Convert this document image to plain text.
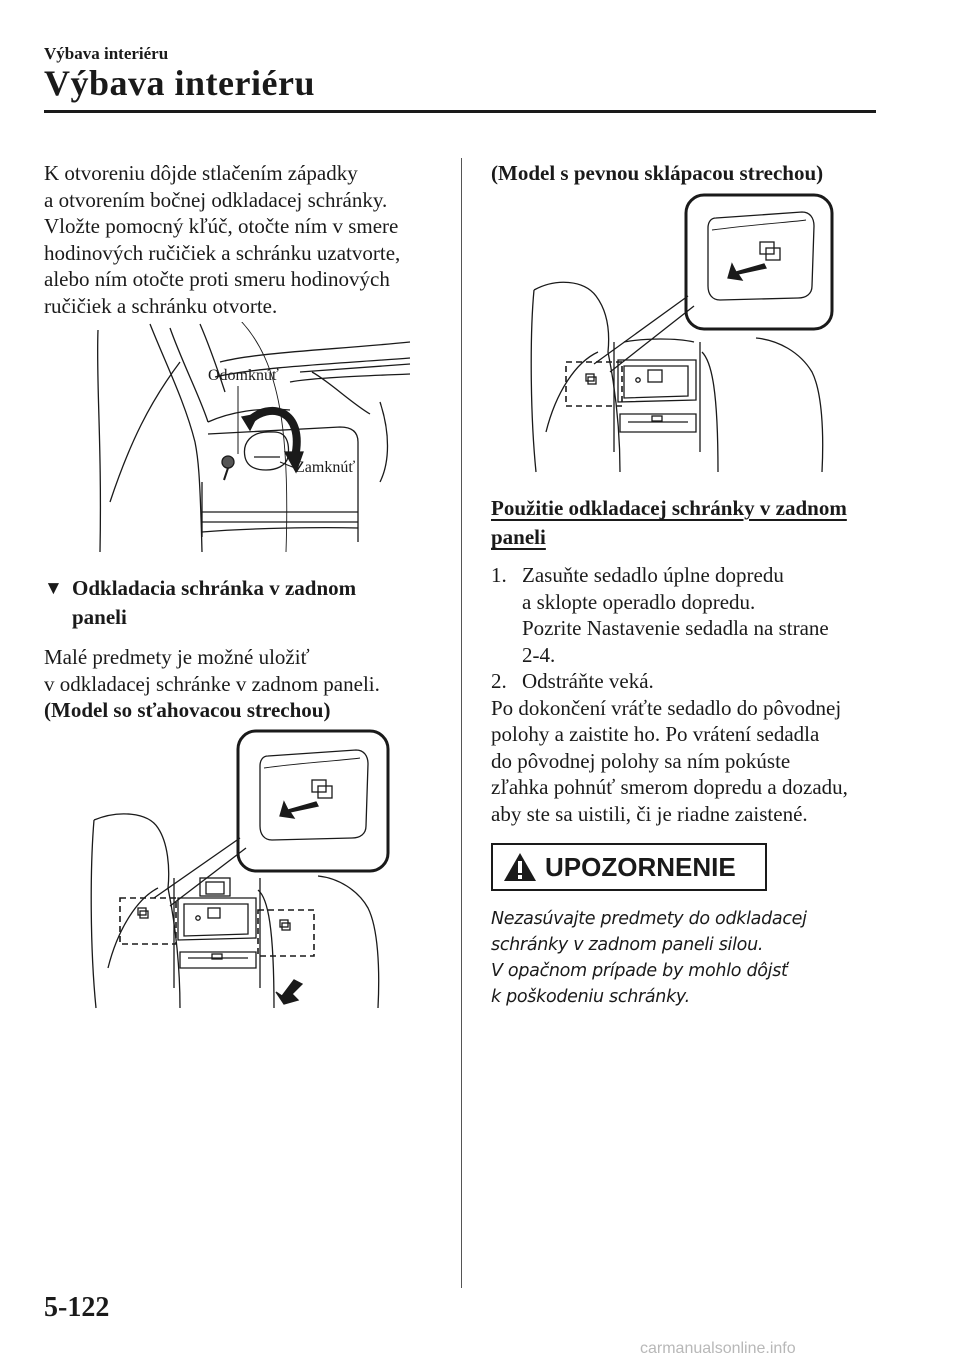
Výbava interiéru
Výbava interiéru

K otvoreniu dôjde stlačením západky

a otvorením bočnej odkladacej schránky.

Vložte pomocný kľúč, otočte ním v smere

hodinových ručičiek a schránku uzatvorte,

alebo ním otočte proti smeru hodinových

ručičiek a schránku otvorte.

Odomknúť
Zamknúť
▼ Odkladacia schránka v zadnom
paneli

Malé predmety je možné uložiť

v odkladacej schránke v zadnom paneli.

(Model so sťahovacou strechou)

(Model s pevnou sklápacou strechou)

Použitie odkladacej schránky v zadnom
paneli
1. Zasuňte sedadlo úplne dopredu
a sklopte operadlo dopredu.
Pozrite Nastavenie sedadla na strane
2-4.
2. Odstráňte veká.

Po dokončení vráťte sedadlo do pôvodnej

polohy a zaistite ho. Po vrátení sedadla

do pôvodnej polohy sa ním pokúste

zľahka pohnúť smerom dopredu a dozadu,

aby ste sa uistili, či je riadne zaistené.

UPOZORNENIE
Nezasúvajte predmety do odkladacej
schránky v zadnom paneli silou.
V opačnom prípade by mohlo dôjsť
k poškodeniu schránky.
5-122
carmanualsonline.info
